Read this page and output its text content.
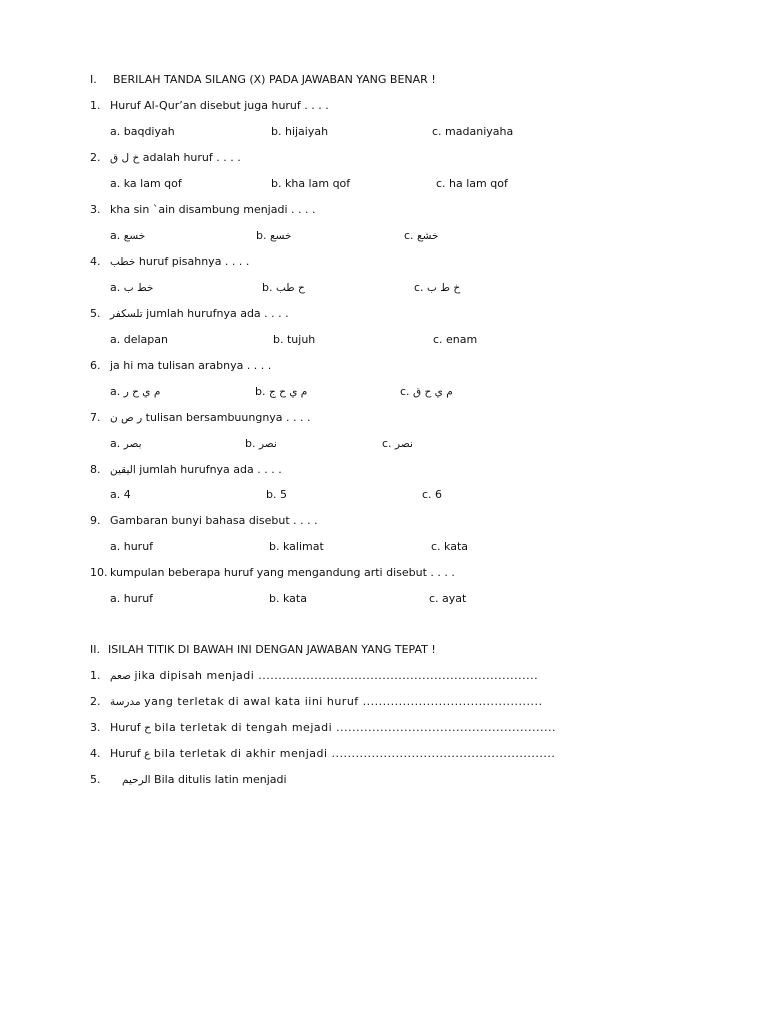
I. BERILAH TANDA SILANG (X) PADA JAWABAN YANG BENAR !
1. Huruf Al-Qur’an disebut juga huruf . . . .
a. baqdiyah	b. hijaiyah	c. madaniyaha
2. خ ل ق adalah huruf . . . .
a. ka lam qof	b. kha lam qof	c. ha lam qof
3. kha sin `ain disambung menjadi . . . .
a. خسع	b. خسع	c. خشع
4. خطب huruf pisahnya . . . .
a. خط ب	b. ح طب	c. خ ط ب
5. تلسكفر jumlah hurufnya ada . . . .
a. delapan	b. tujuh	c. enam
6. ja hi ma tulisan arabnya . . . .
a. م ي ح ر	b. م ي ح ج	c. م ي ح ق
7. ر ص ن tulisan bersambuungnya . . . .
a. بصر	b. نصر	c. نصر
8. اليقين jumlah hurufnya ada . . . .
a. 4	b. 5	c. 6
9. Gambaran bunyi bahasa disebut . . . .
a. huruf	b. kalimat	c. kata
10. kumpulan beberapa huruf yang mengandung arti disebut . . . .
a. huruf	b. kata	c. ayat
II. ISILAH TITIK DI BAWAH INI DENGAN JAWABAN YANG TEPAT !
1. صعم jika dipisah menjadi ......................................................................
2. مدرسة yang terletak di awal kata iini huruf .............................................
3. Huruf ح bila terletak di tengah mejadi .......................................................
4. Huruf ع bila terletak di akhir menjadi ........................................................
5. الرحيم Bila ditulis latin menjadi
